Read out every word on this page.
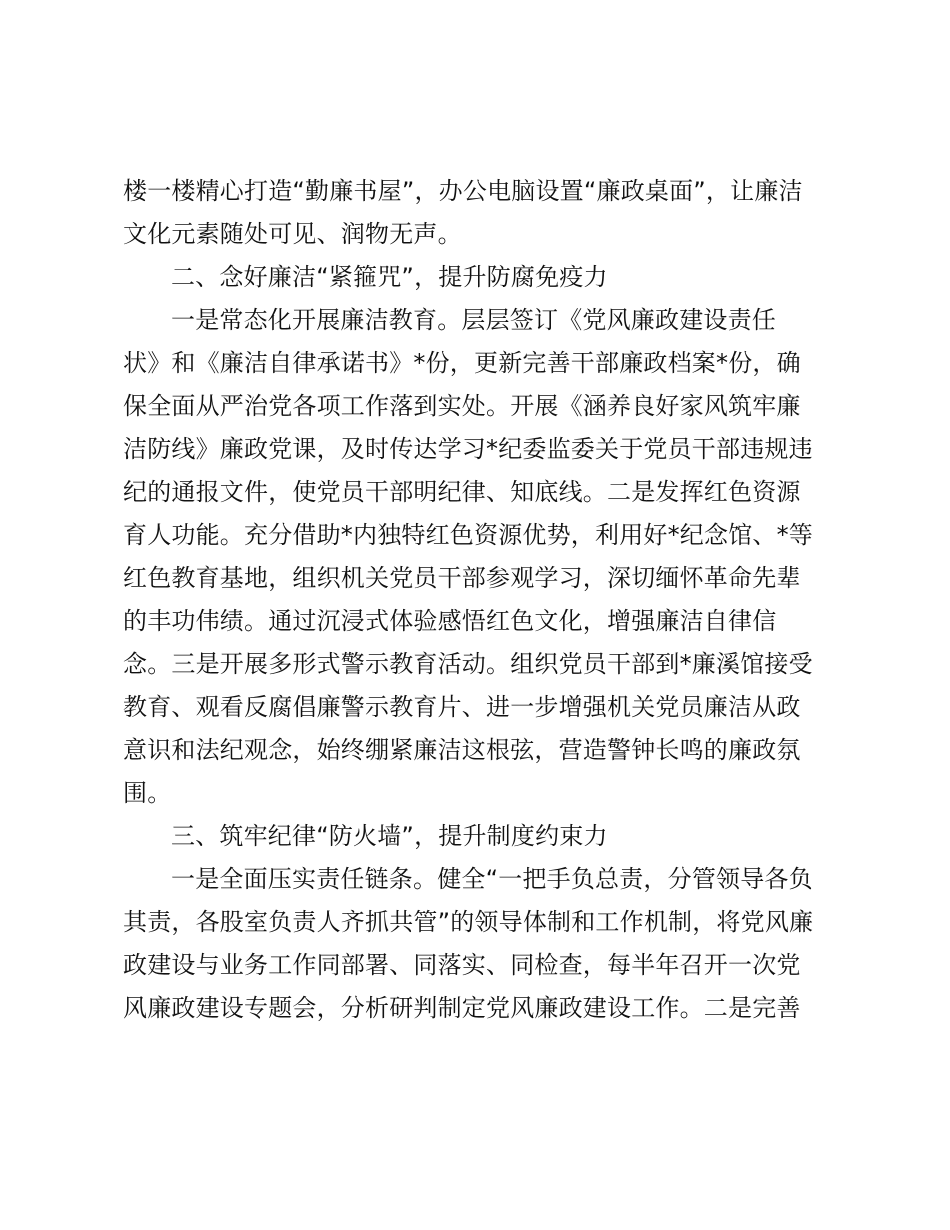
楼一楼精心打造“勤廉书屋”，办公电脑设置“廉政桌面”，让廉洁
文化元素随处可见、润物无声。
二、念好廉洁“紧箍咒”，提升防腐免疫力
一是常态化开展廉洁教育。层层签订《党风廉政建设责任
状》和《廉洁自律承诺书》*份，更新完善干部廉政档案*份，确
保全面从严治党各项工作落到实处。开展《涵养良好家风筑牢廉
洁防线》廉政党课，及时传达学习*纪委监委关于党员干部违规违
纪的通报文件，使党员干部明纪律、知底线。二是发挥红色资源
育人功能。充分借助*内独特红色资源优势，利用好*纪念馆、*等
红色教育基地，组织机关党员干部参观学习，深切缅怀革命先辈
的丰功伟绩。通过沉浸式体验感悟红色文化，增强廉洁自律信
念。三是开展多形式警示教育活动。组织党员干部到*廉溪馆接受
教育、观看反腐倡廉警示教育片、进一步增强机关党员廉洁从政
意识和法纪观念，始终绷紧廉洁这根弦，营造警钟长鸣的廉政氛
围。
三、筑牢纪律“防火墙”，提升制度约束力
一是全面压实责任链条。健全“一把手负总责，分管领导各负
其责，各股室负责人齐抓共管”的领导体制和工作机制，将党风廉
政建设与业务工作同部署、同落实、同检查，每半年召开一次党
风廉政建设专题会，分析研判制定党风廉政建设工作。二是完善
